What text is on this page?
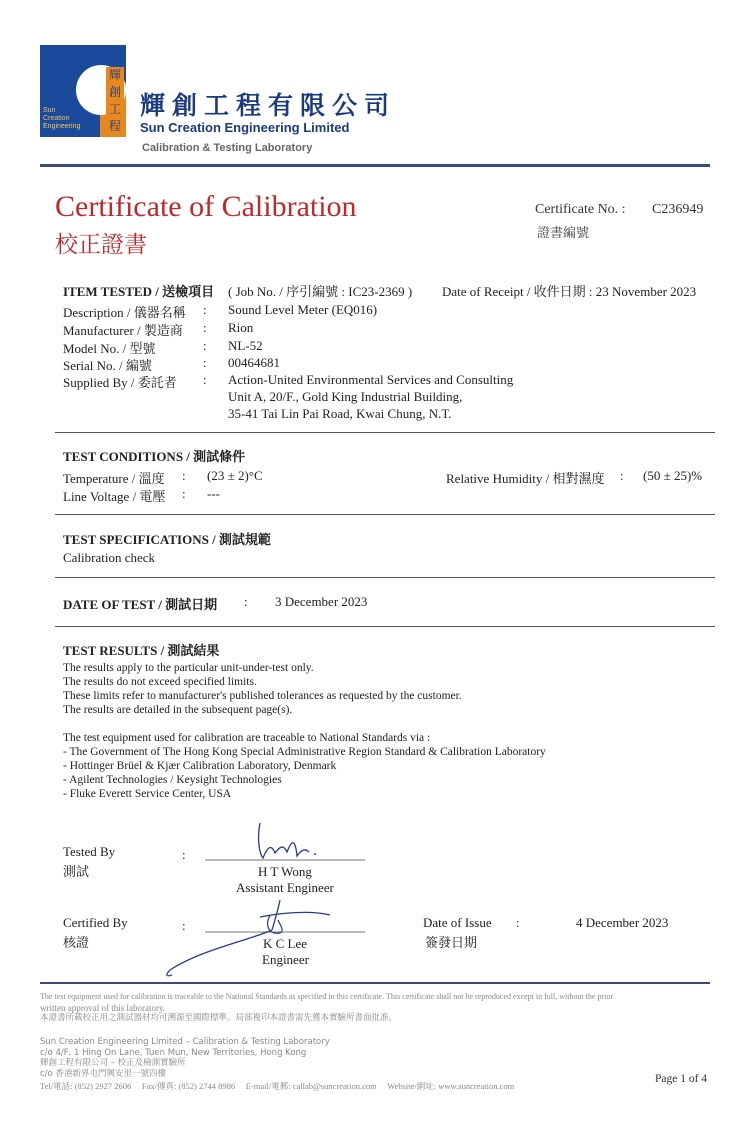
Sun
Creation
Engineering
輝
創
工
程
輝創工程有限公司
Sun Creation Engineering Limited
Calibration & Testing Laboratory
Certificate of Calibration
校正證書
Certificate No. : C236949
證書編號
ITEM TESTED / 送檢項目 ( Job No. / 序引編號 : IC23-2369 ) Date of Receipt / 收件日期 : 23 November 2023
Description / 儀器名稱 : Sound Level Meter (EQ016)
Manufacturer / 製造商 : Rion
Model No. / 型號	: NL-52
Serial No. / 編號	: 00464681
Supplied By / 委託者 : Action-United Environmental Services and Consulting
Unit A, 20/F., Gold King Industrial Building,
35-41 Tai Lin Pai Road, Kwai Chung, N.T.
TEST CONDITIONS / 測試條件
Temperature / 溫度 : (23 ± 2)°C	Relative Humidity / 相對濕度 : (50 ± 25)%
Line Voltage / 電壓 : ---
TEST SPECIFICATIONS / 測試規範
Calibration check
DATE OF TEST / 測試日期 : 3 December 2023
TEST RESULTS / 測試結果
The results apply to the particular unit-under-test only.
The results do not exceed specified limits.
These limits refer to manufacturer's published tolerances as requested by the customer.
The results are detailed in the subsequent page(s).
The test equipment used for calibration are traceable to National Standards via :
- The Government of The Hong Kong Special Administrative Region Standard & Calibration Laboratory
- Hottinger Brüel & Kjær Calibration Laboratory, Denmark
- Agilent Technologies / Keysight Technologies
- Fluke Everett Service Center, USA
Tested By
測試
:
H T Wong
Assistant Engineer
Certified By
核證
:
K C Lee
Engineer
Date of Issue
簽發日期
:	4 December 2023
The test equipment used for calibration is traceable to the National Standards as specified in this certificate. This certificate shall not be reproduced except in full, without the prior
written approval of this laboratory.
本證書所載校正用之測試器材均可溯源至國際標準。局部複印本證書需先獲本實驗所書面批准。
Sun Creation Engineering Limited – Calibration & Testing Laboratory
c/o 4/F, 1 Hing On Lane, Tuen Mun, New Territories, Hong Kong
輝創工程有限公司 – 校正及檢測實驗所
c/o 香港新界屯門興安里一號四樓
Tel/電話: (852) 2927 2606     Fax/傳真: (852) 2744 8986     E-mail/電郵: callab@suncreation.com     Website/網址: www.suncreation.com
Page 1 of 4
